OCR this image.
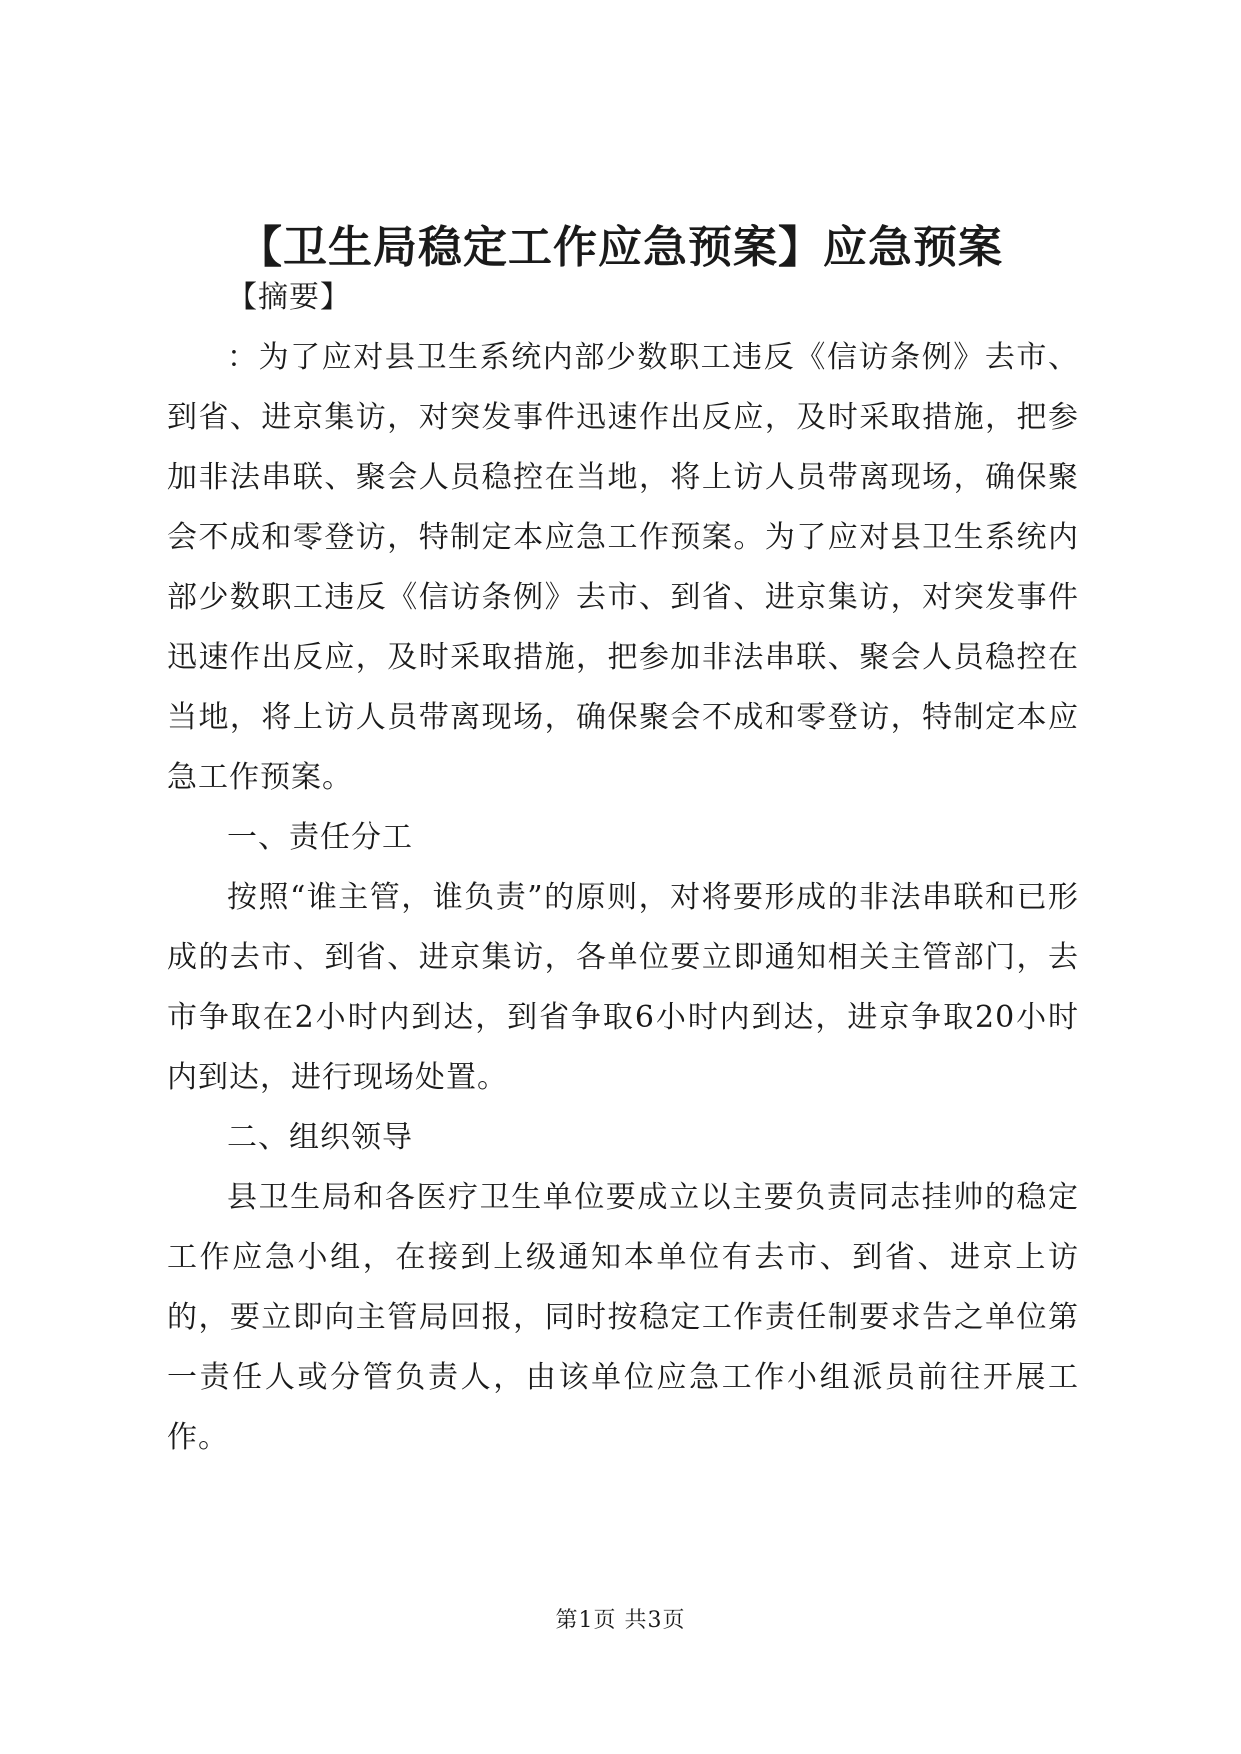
【卫生局稳定工作应急预案】应急预案

【摘要】

：为了应对县卫生系统内部少数职工违反《信访条例》去市、到省、进京集访，对突发事件迅速作出反应，及时采取措施，把参加非法串联、聚会人员稳控在当地，将上访人员带离现场，确保聚会不成和零登访，特制定本应急工作预案。为了应对县卫生系统内部少数职工违反《信访条例》去市、到省、进京集访，对突发事件迅速作出反应，及时采取措施，把参加非法串联、聚会人员稳控在当地，将上访人员带离现场，确保聚会不成和零登访，特制定本应急工作预案。

一、责任分工

按照“谁主管，谁负责”的原则，对将要形成的非法串联和已形成的去市、到省、进京集访，各单位要立即通知相关主管部门，去市争取在2小时内到达，到省争取6小时内到达，进京争取20小时内到达，进行现场处置。

二、组织领导

县卫生局和各医疗卫生单位要成立以主要负责同志挂帅的稳定工作应急小组，在接到上级通知本单位有去市、到省、进京上访的，要立即向主管局回报，同时按稳定工作责任制要求告之单位第一责任人或分管负责人，由该单位应急工作小组派员前往开展工作。

第1页 共3页
